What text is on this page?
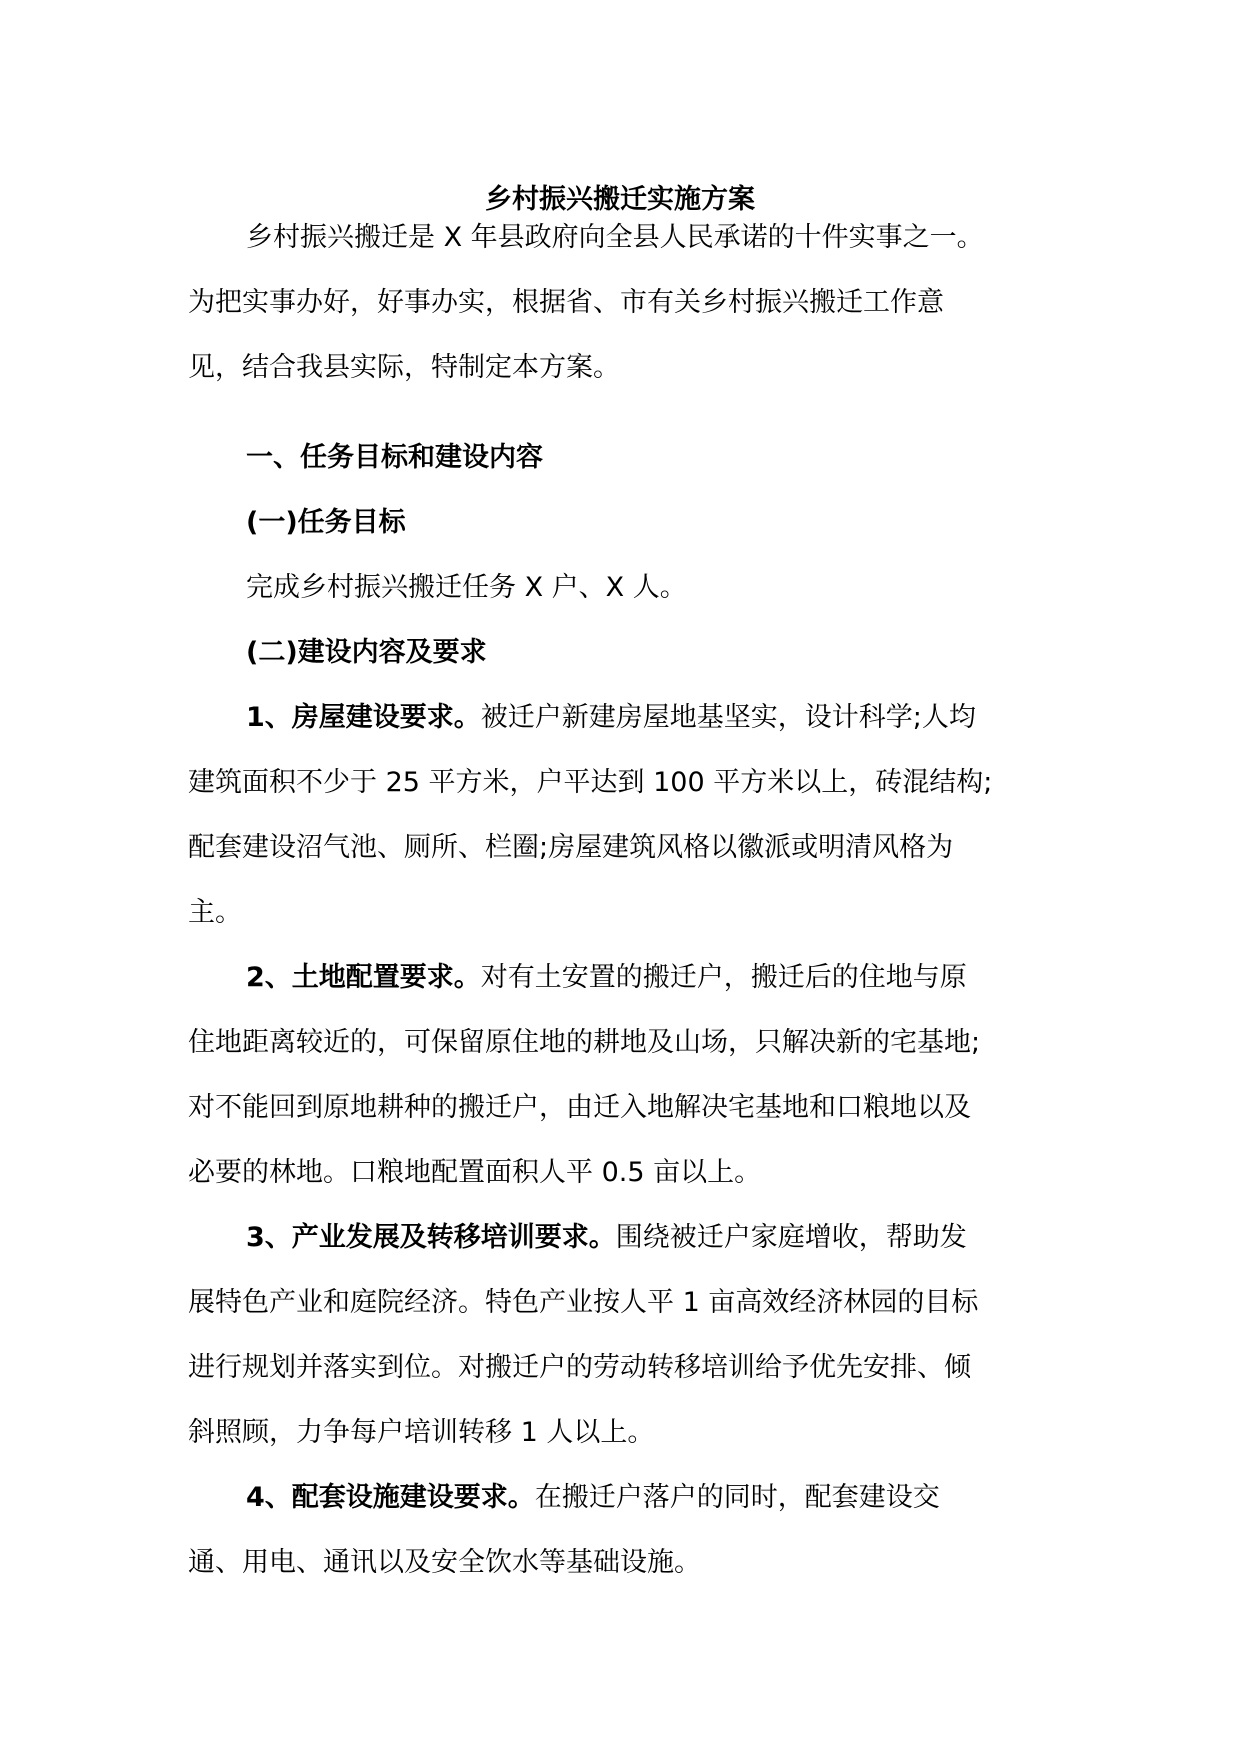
乡村振兴搬迁实施方案
乡村振兴搬迁是 X 年县政府向全县人民承诺的十件实事之一。
为把实事办好，好事办实，根据省、市有关乡村振兴搬迁工作意
见，结合我县实际，特制定本方案。
一、任务目标和建设内容
(一)任务目标
完成乡村振兴搬迁任务 X 户、X 人。
(二)建设内容及要求
1、房屋建设要求。被迁户新建房屋地基坚实，设计科学;人均
建筑面积不少于 25 平方米，户平达到 100 平方米以上，砖混结构;
配套建设沼气池、厕所、栏圈;房屋建筑风格以徽派或明清风格为
主。
2、土地配置要求。对有土安置的搬迁户，搬迁后的住地与原
住地距离较近的，可保留原住地的耕地及山场，只解决新的宅基地;
对不能回到原地耕种的搬迁户，由迁入地解决宅基地和口粮地以及
必要的林地。口粮地配置面积人平 0.5 亩以上。
3、产业发展及转移培训要求。围绕被迁户家庭增收，帮助发
展特色产业和庭院经济。特色产业按人平 1 亩高效经济林园的目标
进行规划并落实到位。对搬迁户的劳动转移培训给予优先安排、倾
斜照顾，力争每户培训转移 1 人以上。
4、配套设施建设要求。在搬迁户落户的同时，配套建设交
通、用电、通讯以及安全饮水等基础设施。
